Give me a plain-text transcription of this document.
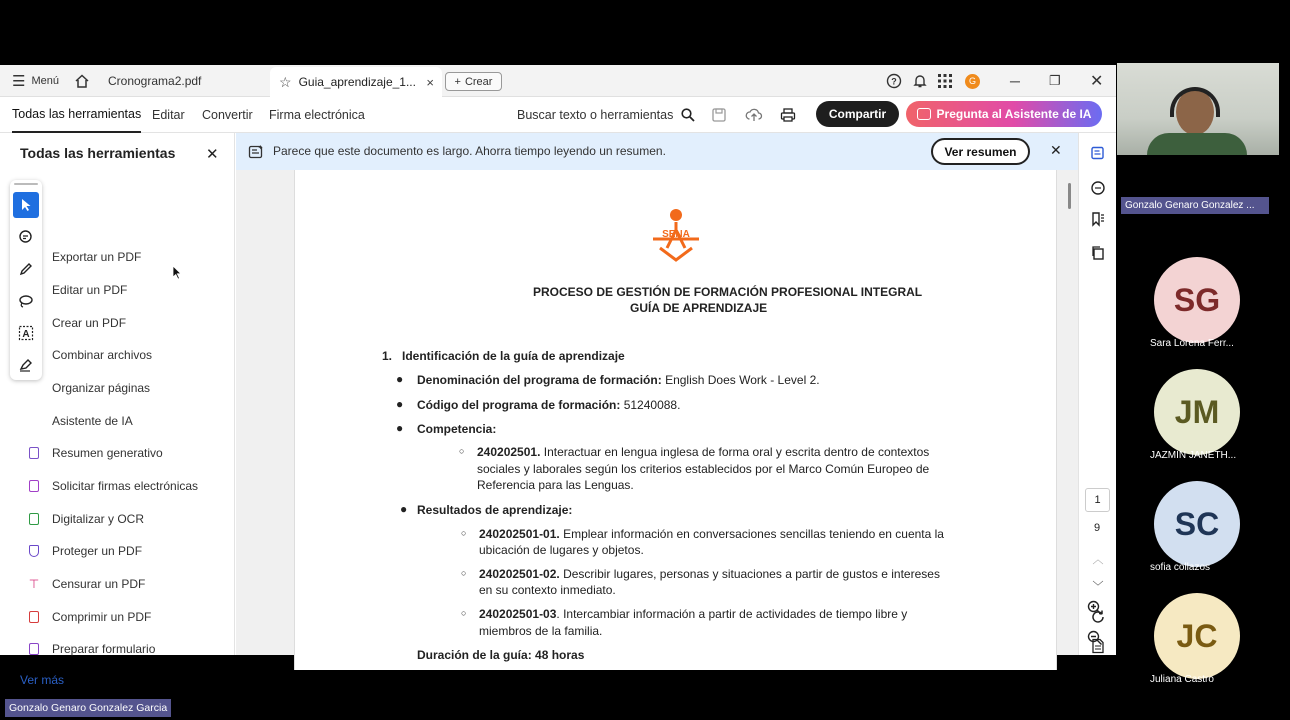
☰ Menú	Cronograma2.pdf	☆ Guia_aprendizaje_1... × + Crear	?	G ─ ❐ ✕
Todas las herramientas Editar Convertir Firma electrónica	Buscar texto o herramientas	Compartir	Pregunta al Asistente de IA
Todas las herramientas ✕
Exportar un PDF
Editar un PDF
Crear un PDF
Combinar archivos
Organizar páginas
Asistente de IA
Resumen generativo
Solicitar firmas electrónicas
Digitalizar y OCR
Proteger un PDF
⊤ Censurar un PDF
Comprimir un PDF
Preparar formulario
Ver más
A
Parece que este documento es largo. Ahorra tiempo leyendo un resumen.	✕
Ver resumen
SENA
PROCESO DE GESTIÓN DE FORMACIÓN PROFESIONAL INTEGRAL
GUÍA DE APRENDIZAJE
1.   Identificación de la guía de aprendizaje
● Denominación del programa de formación: English Does Work - Level 2.
● Código del programa de formación: 51240088.
● Competencia:
○ 240202501. Interactuar en lengua inglesa de forma oral y escrita dentro de contextos
sociales y laborales según los criterios establecidos por el Marco Común Europeo de
Referencia para las Lenguas.
● Resultados de aprendizaje:
○ 240202501-01. Emplear información en conversaciones sencillas teniendo en cuenta la
ubicación de lugares y objetos.
○ 240202501-02. Describir lugares, personas y situaciones a partir de gustos e intereses
en su contexto inmediato.
○ 240202501-03. Intercambiar información a partir de actividades de tiempo libre y
miembros de la familia.
Duración de la guía: 48 horas
1
9
︿
﹀
Gonzalo Genaro Gonzalez ...
SG
Sara Lorena Ferr...
JM
JAZMIN JANETH...
SC
sofia collazos
JC
Juliana Castro
Gonzalo Genaro Gonzalez Garcia
